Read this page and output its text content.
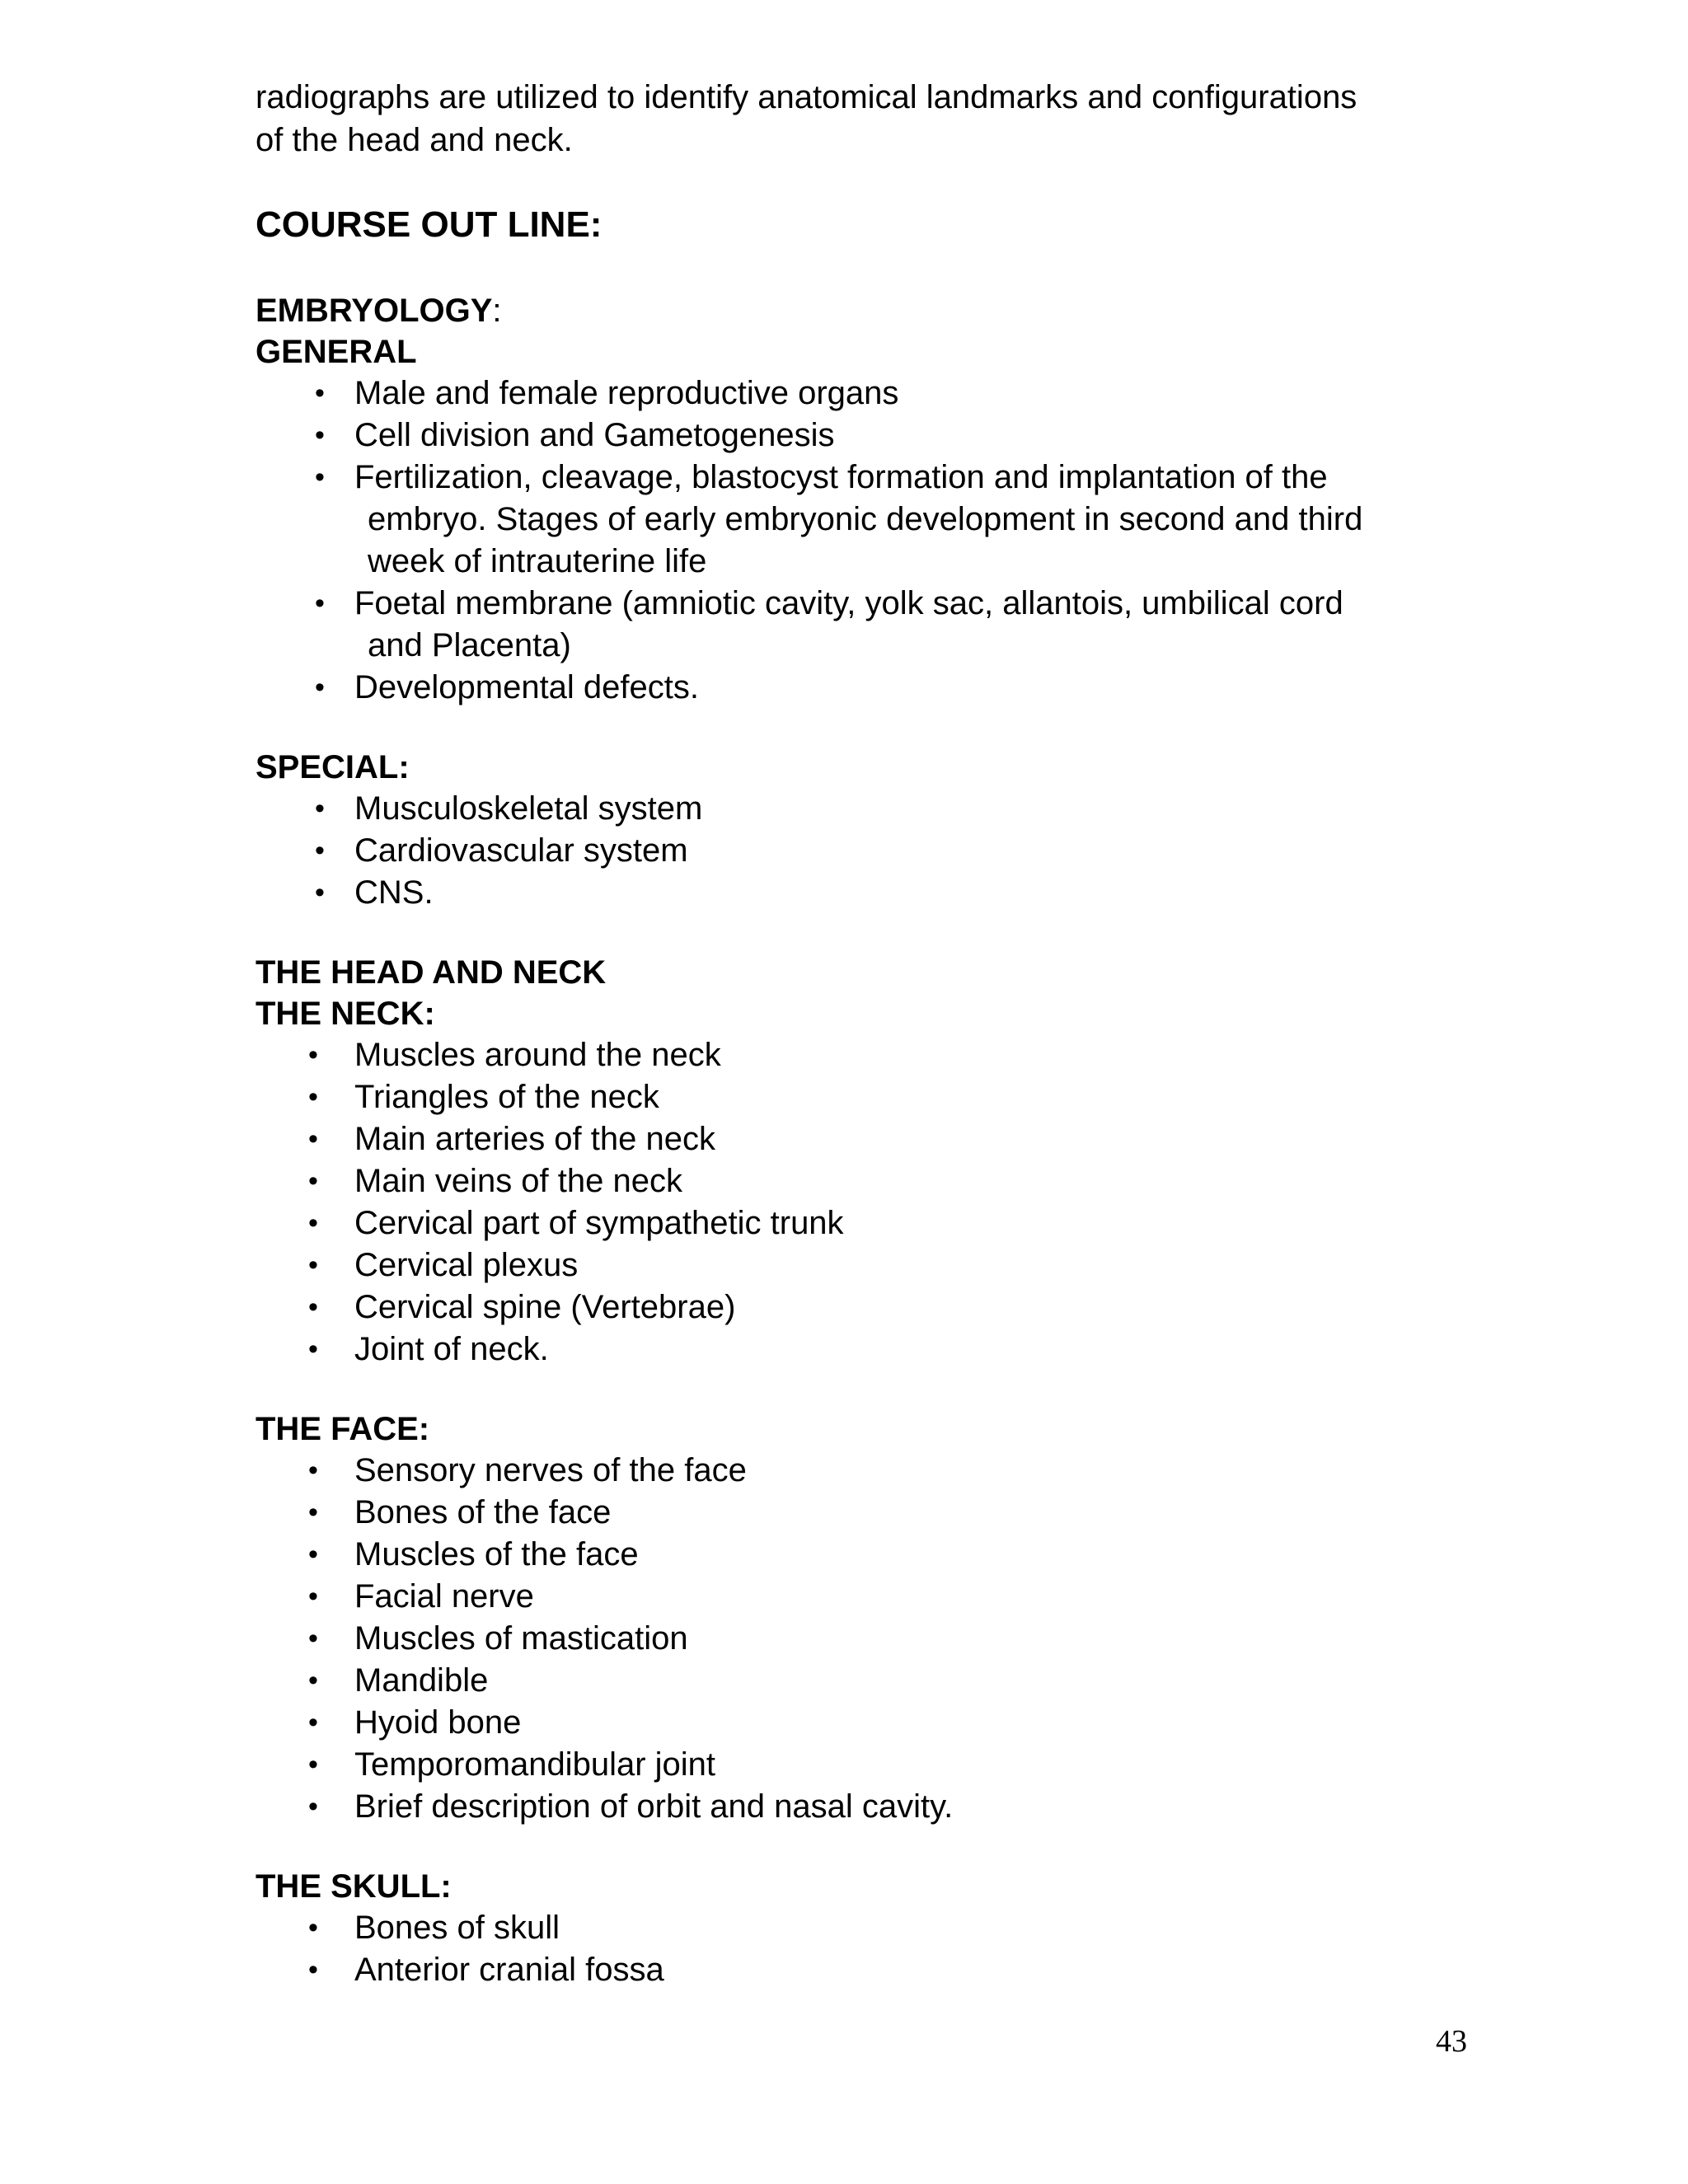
radiographs are utilized to identify anatomical landmarks and configurations
of the head and neck.

COURSE OUT LINE:
EMBRYOLOGY:
GENERAL
• Male and female reproductive organs
• Cell division and Gametogenesis
• Fertilization, cleavage, blastocyst formation and implantation of the
embryo. Stages of early embryonic development in second and third
week of intrauterine life
• Foetal membrane (amniotic cavity, yolk sac, allantois, umbilical cord
and Placenta)
• Developmental defects.
SPECIAL:
• Musculoskeletal system
• Cardiovascular system
• CNS.
THE HEAD AND NECK
THE NECK:
• Muscles around the neck
• Triangles of the neck
• Main arteries of the neck
• Main veins of the neck
• Cervical part of sympathetic trunk
• Cervical plexus
• Cervical spine (Vertebrae)
• Joint of neck.
THE FACE:
• Sensory nerves of the face
• Bones of the face
• Muscles of the face
• Facial nerve
• Muscles of mastication
• Mandible
• Hyoid bone
• Temporomandibular joint
• Brief description of orbit and nasal cavity.
THE SKULL:
• Bones of skull
• Anterior cranial fossa
43
